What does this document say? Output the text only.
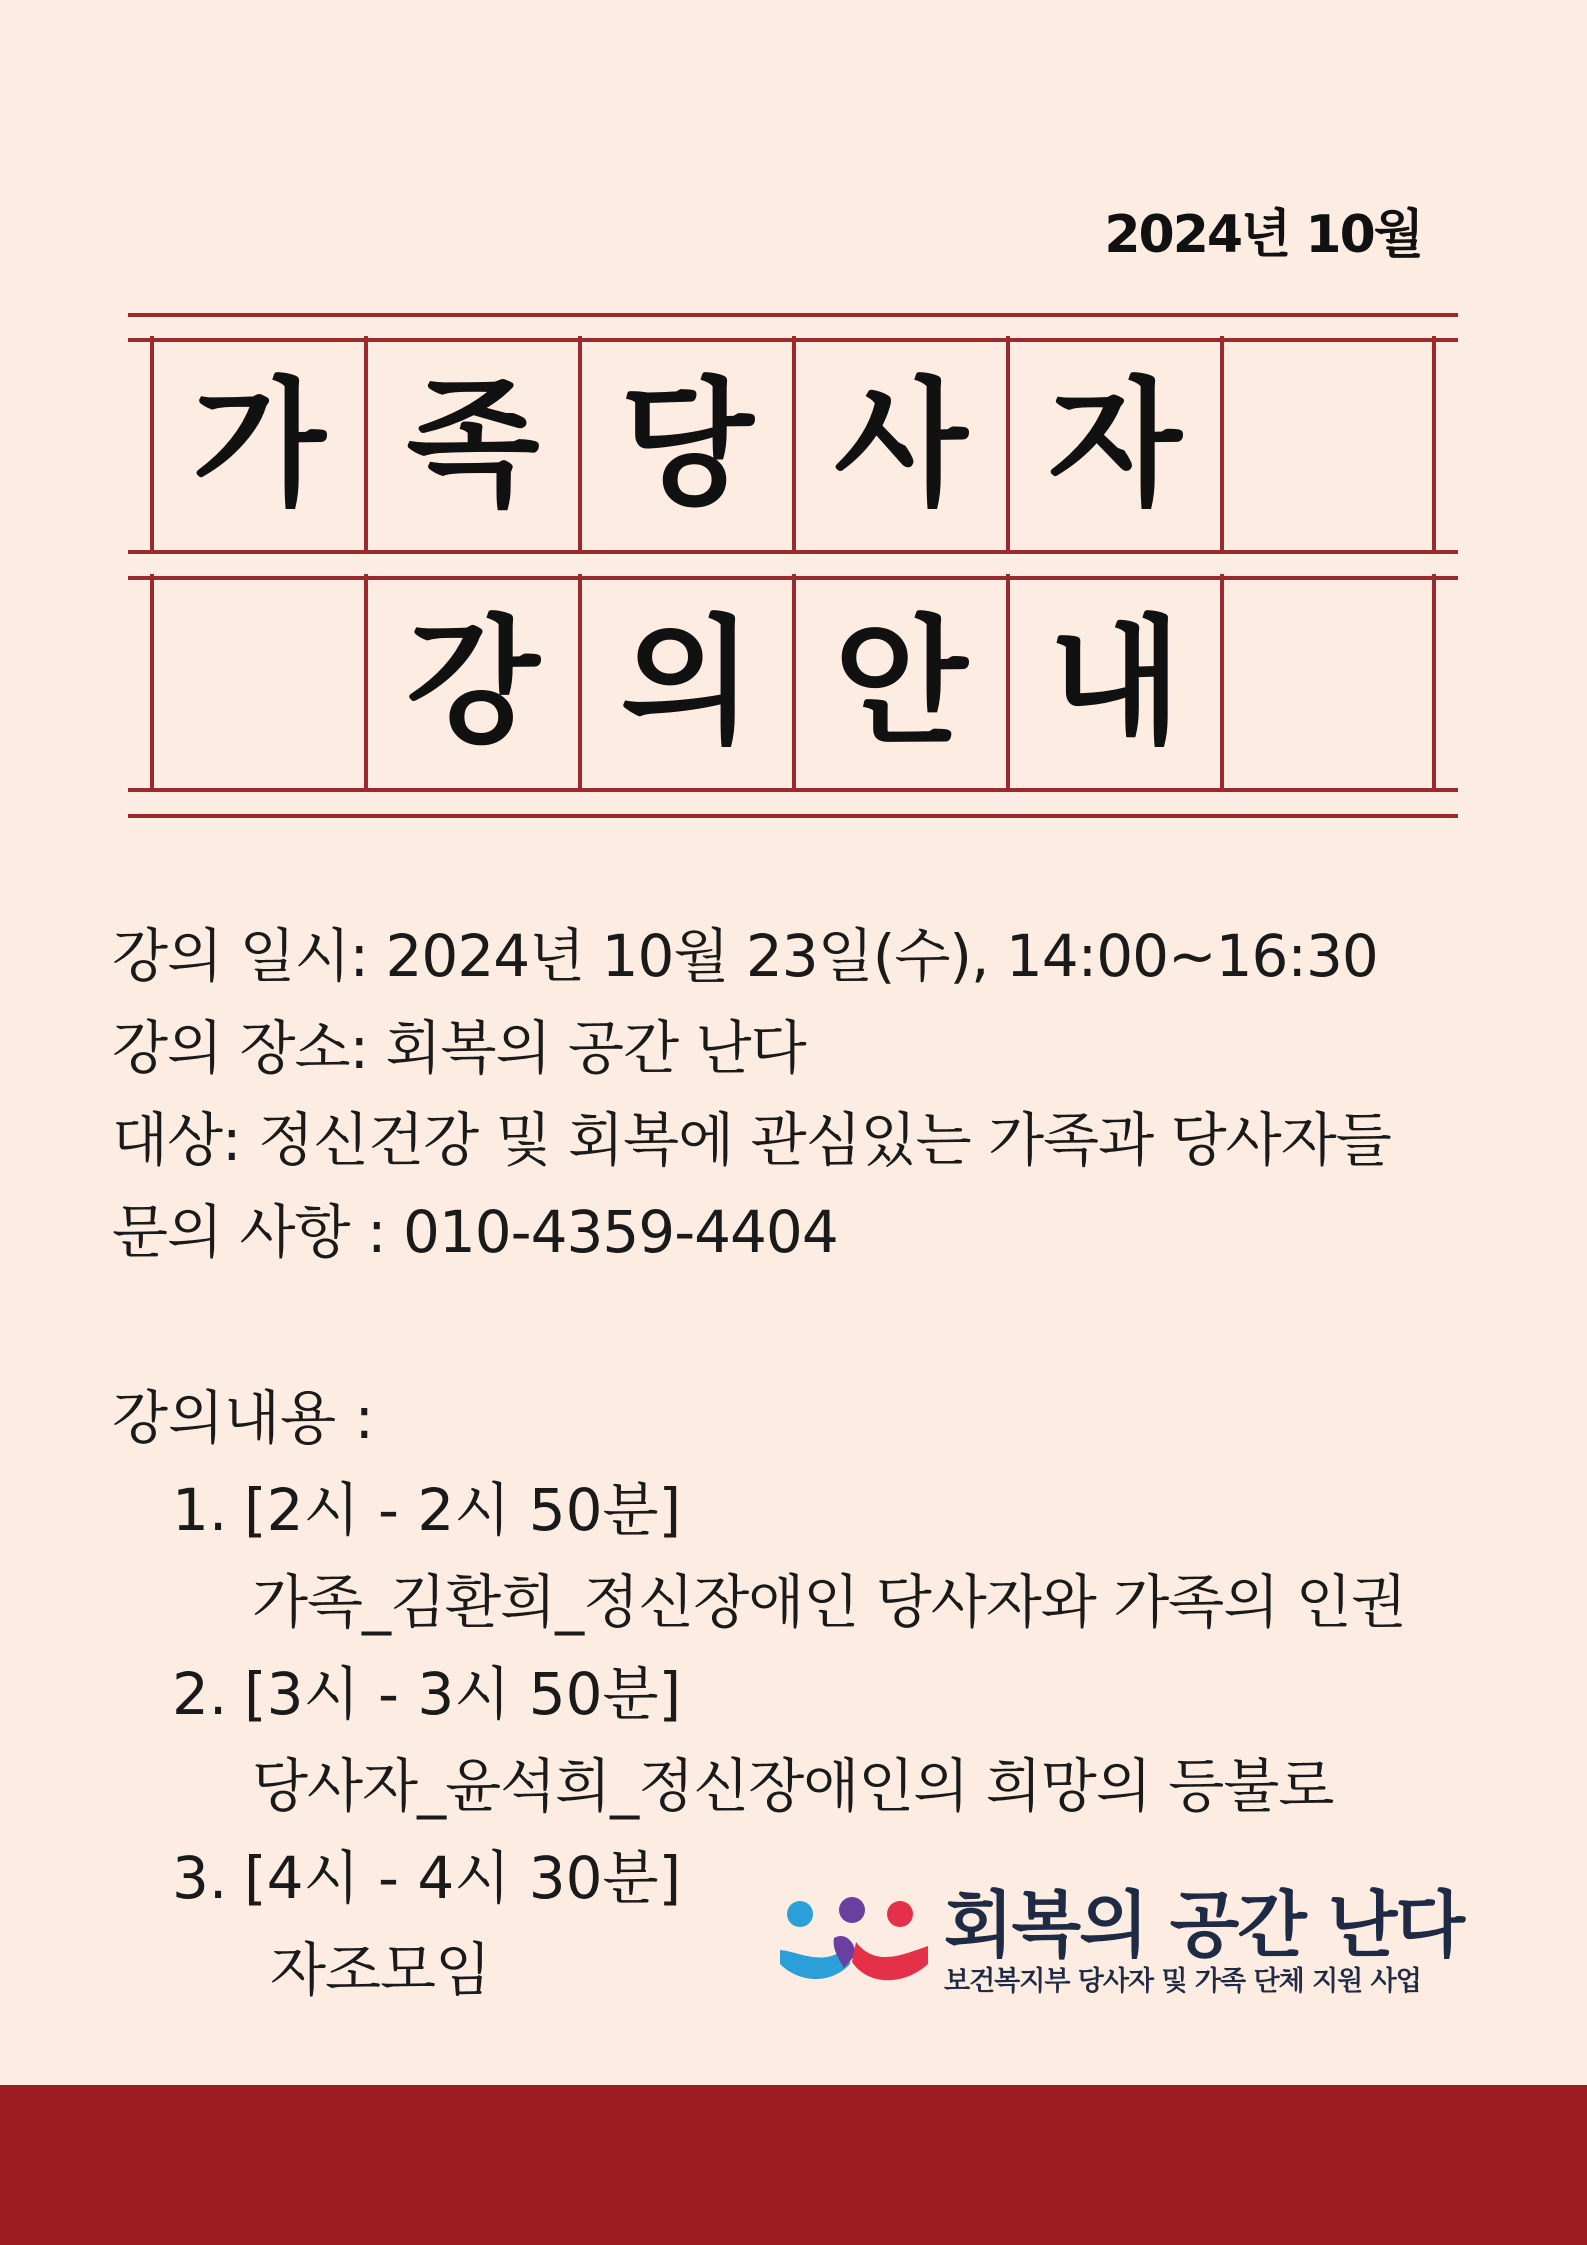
2024년 10월
가 족 당 사 자
강 의 안 내
강의 일시: 2024년 10월 23일(수), 14:00~16:30
강의 장소: 회복의 공간 난다
대상: 정신건강 및 회복에 관심있는 가족과 당사자들
문의 사항 : 010-4359-4404
강의내용 :
1. [2시 - 2시 50분]
가족_김환희_정신장애인 당사자와 가족의 인권
2. [3시 - 3시 50분]
당사자_윤석희_정신장애인의 희망의 등불로
3. [4시 - 4시 30분]
자조모임
회복의 공간 난다
보건복지부 당사자 및 가족 단체 지원 사업
